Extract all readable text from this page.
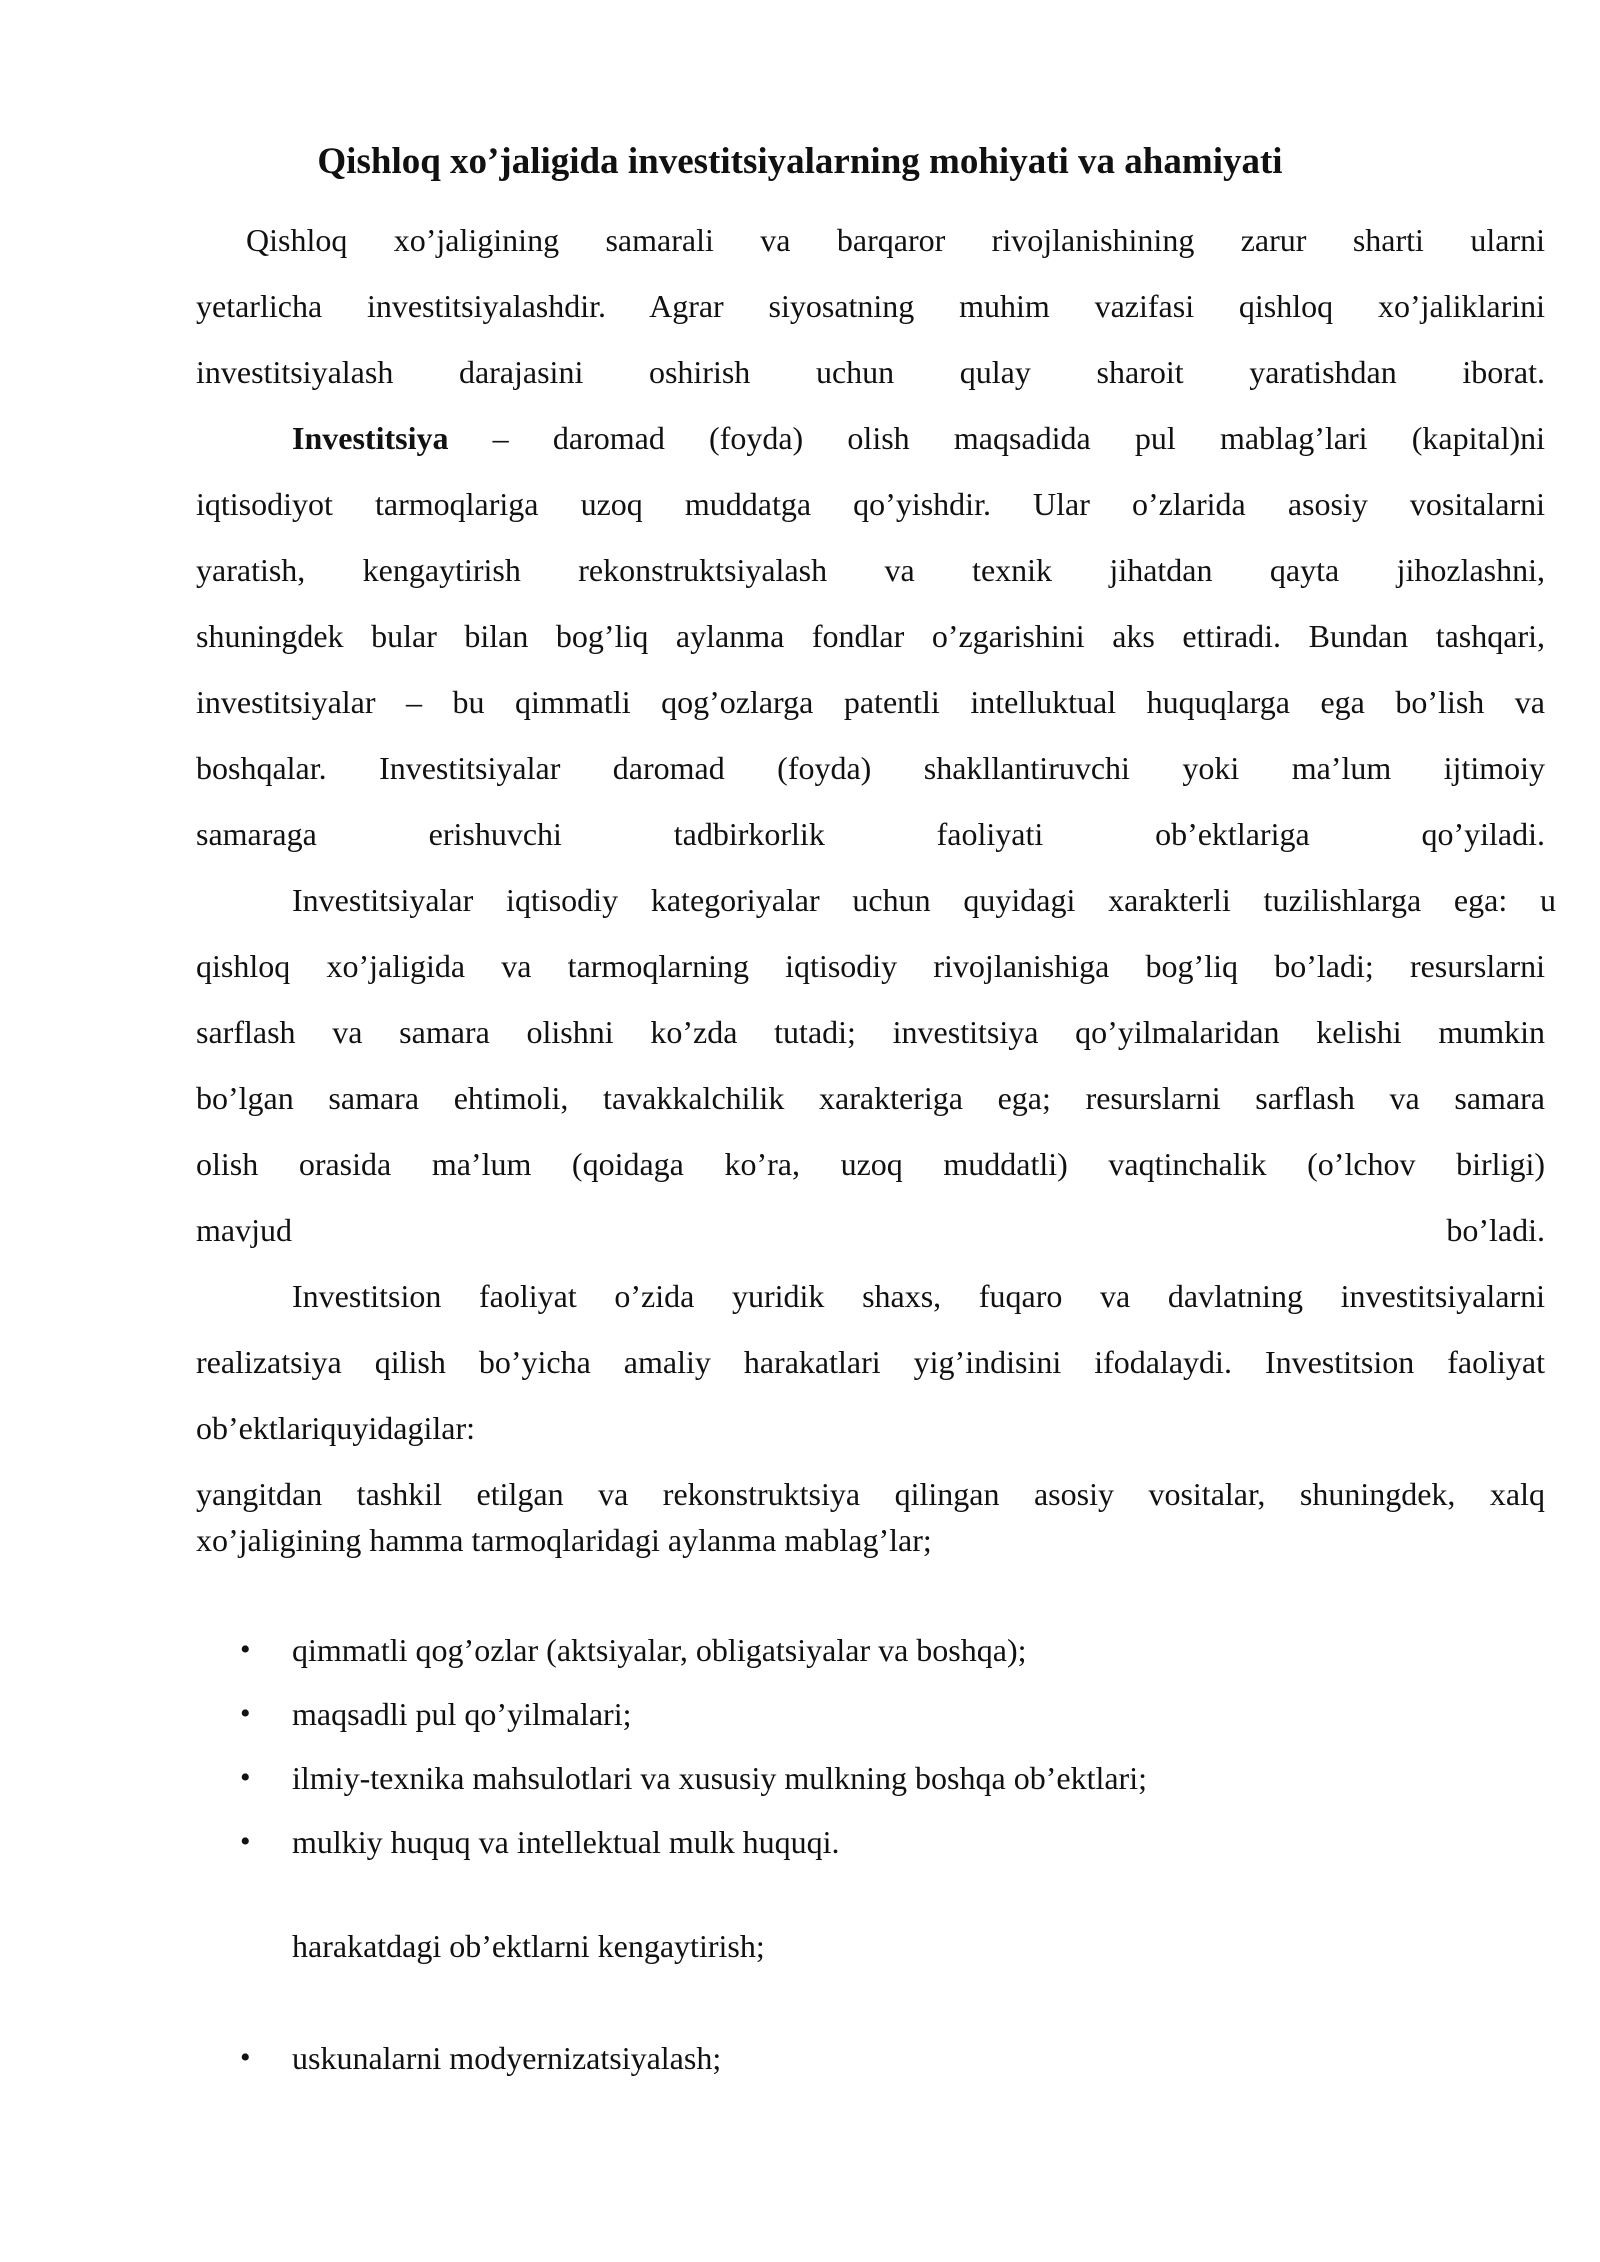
Qishloq xo’jaligida investitsiyalarning mohiyati va ahamiyati
Qishloq xo’jaligining samarali va barqaror rivojlanishining zarur sharti ularni
yetarlicha investitsiyalashdir. Agrar siyosatning muhim vazifasi qishloq xo’jaliklarini
investitsiyalash darajasini oshirish uchun qulay sharoit yaratishdan iborat.
Investitsiya – daromad (foyda) olish maqsadida pul mablag’lari (kapital)ni
iqtisodiyot tarmoqlariga uzoq muddatga qo’yishdir. Ular o’zlarida asosiy vositalarni
yaratish, kengaytirish rekonstruktsiyalash va texnik jihatdan qayta jihozlashni,
shuningdek bular bilan bog’liq aylanma fondlar o’zgarishini aks ettiradi. Bundan tashqari,
investitsiyalar – bu qimmatli qog’ozlarga patentli intelluktual huquqlarga ega bo’lish va
boshqalar. Investitsiyalar daromad (foyda) shakllantiruvchi yoki ma’lum ijtimoiy
samaraga erishuvchi tadbirkorlik faoliyati ob’ektlariga qo’yiladi.
Investitsiyalar iqtisodiy kategoriyalar uchun quyidagi xarakterli tuzilishlarga ega: u
qishloq xo’jaligida va tarmoqlarning iqtisodiy rivojlanishiga bog’liq bo’ladi; resurslarni
sarflash va samara olishni ko’zda tutadi; investitsiya qo’yilmalaridan kelishi mumkin
bo’lgan samara ehtimoli, tavakkalchilik xarakteriga ega; resurslarni sarflash va samara
olish orasida ma’lum (qoidaga ko’ra, uzoq muddatli) vaqtinchalik (o’lchov birligi)
mavjud bo’ladi.
Investitsion faoliyat o’zida yuridik shaxs, fuqaro va davlatning investitsiyalarni
realizatsiya qilish bo’yicha amaliy harakatlari yig’indisini ifodalaydi. Investitsion faoliyat
ob’ektlariquyidagilar:
yangitdan tashkil etilgan va rekonstruktsiya qilingan asosiy vositalar, shuningdek, xalq
xo’jaligining hamma tarmoqlaridagi aylanma mablag’lar;
• qimmatli qog’ozlar (aktsiyalar, obligatsiyalar va boshqa);
• maqsadli pul qo’yilmalari;
• ilmiy-texnika mahsulotlari va xususiy mulkning boshqa ob’ektlari;
• mulkiy huquq va intellektual mulk huquqi.
harakatdagi ob’ektlarni kengaytirish;
• uskunalarni modyernizatsiyalash;
